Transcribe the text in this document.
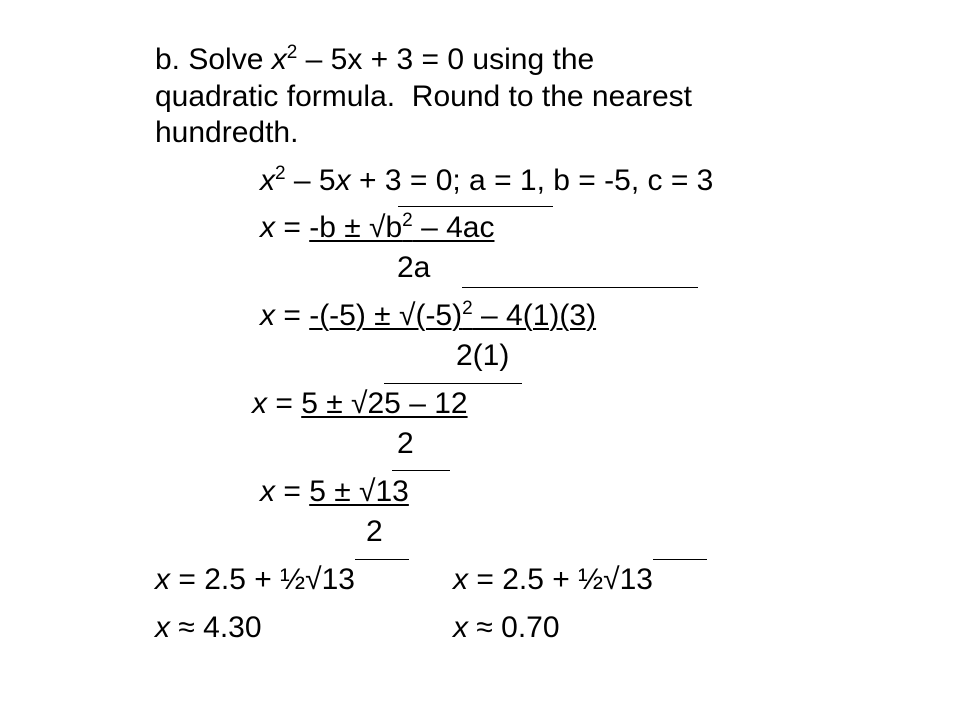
b. Solve $x^2 - 5x + 3 = 0$ using the
quadratic formula.  Round to the nearest
hundredth.
$x^2 - 5x + 3 = 0$; a = 1, b = -5, c = 3
$x = -b \pm √b^2 - 4ac$
2a
$x = -(-5) \pm √(-5)^2 - 4(1)(3)$
2(1)
x = 5 ± √25 – 12
2
x = 5 ± √13
2
x = 2.5 + ½√13	x = 2.5 + ½√13
x ≈ 4.30	x ≈ 0.70
